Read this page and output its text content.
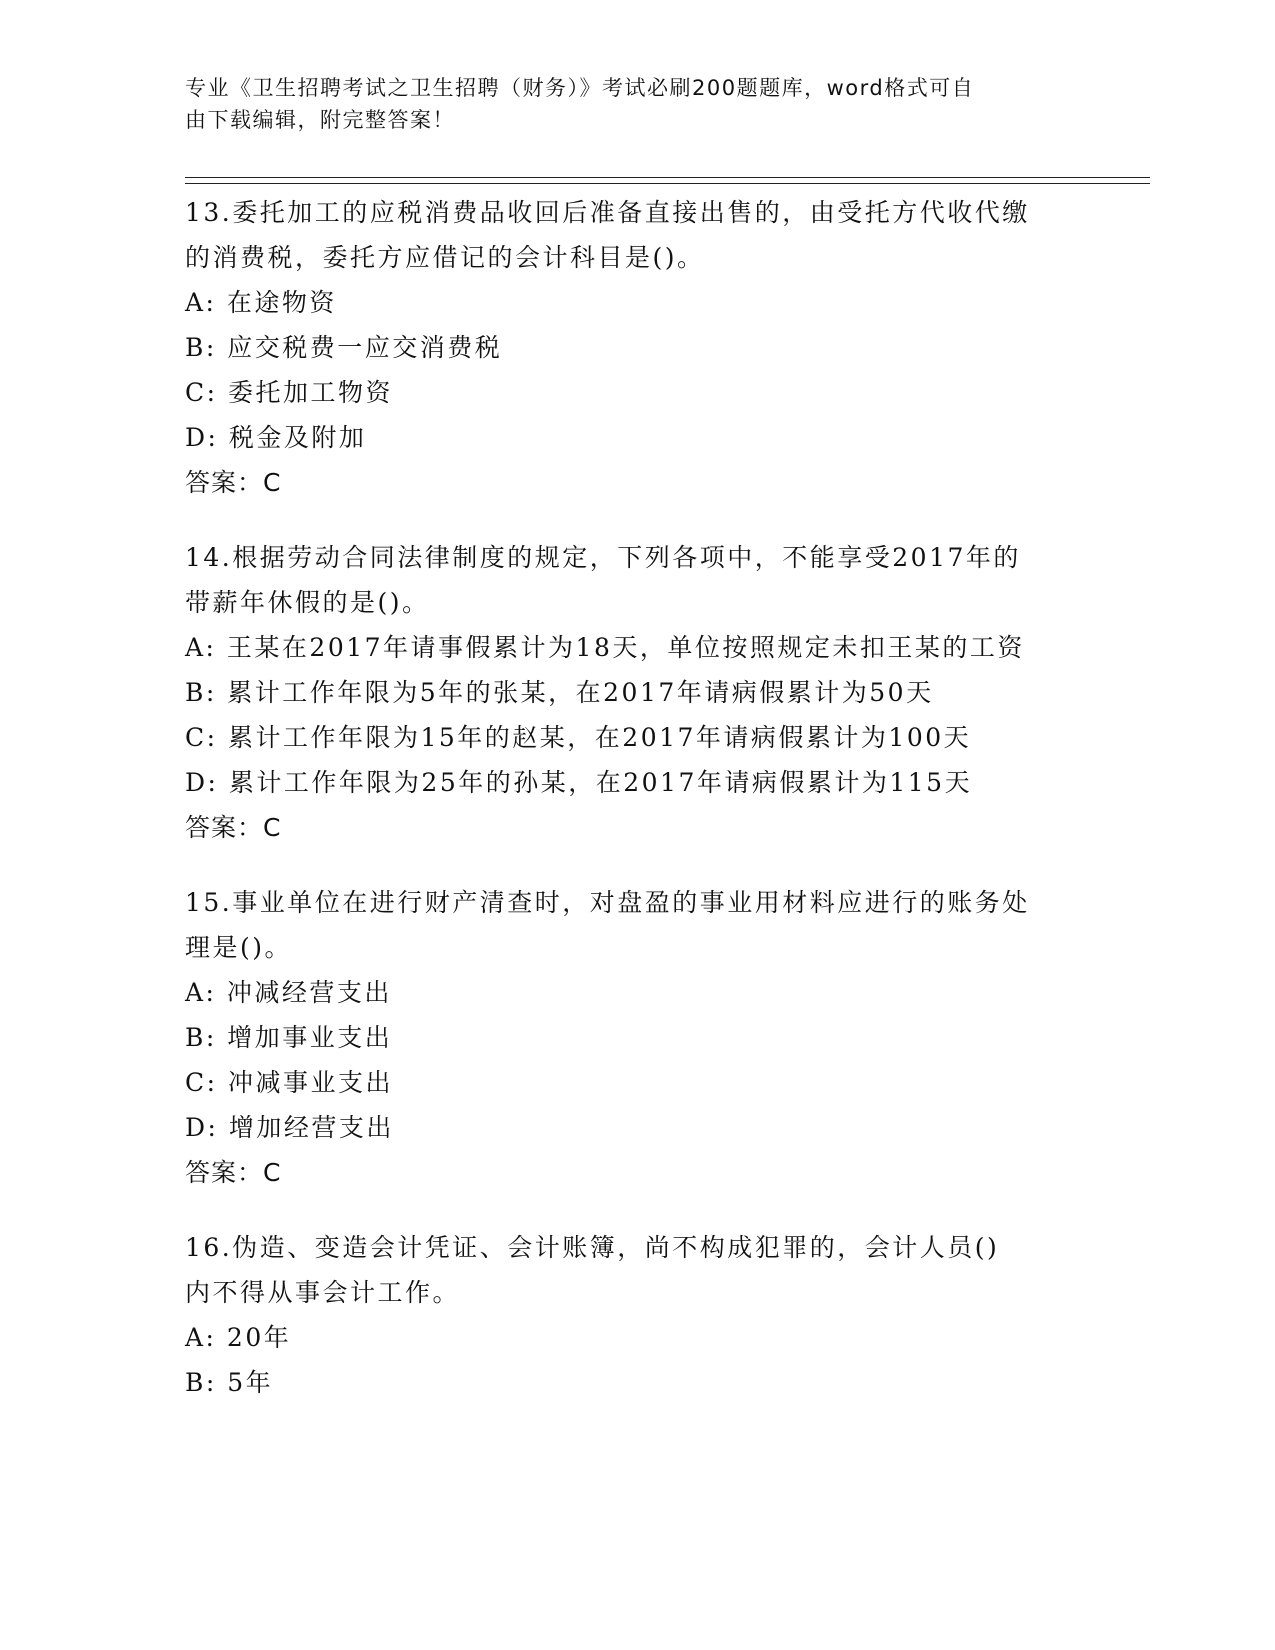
专业《卫生招聘考试之卫生招聘（财务）》考试必刷200题题库，word格式可自
由下载编辑，附完整答案！
13.委托加工的应税消费品收回后准备直接出售的，由受托方代收代缴
的消费税，委托方应借记的会计科目是()。
A: 在途物资
B: 应交税费一应交消费税
C: 委托加工物资
D: 税金及附加
答案：C
14.根据劳动合同法律制度的规定，下列各项中，不能享受2017年的
带薪年休假的是()。
A: 王某在2017年请事假累计为18天，单位按照规定未扣王某的工资
B: 累计工作年限为5年的张某，在2017年请病假累计为50天
C: 累计工作年限为15年的赵某，在2017年请病假累计为100天
D: 累计工作年限为25年的孙某，在2017年请病假累计为115天
答案：C
15.事业单位在进行财产清查时，对盘盈的事业用材料应进行的账务处
理是()。
A: 冲减经营支出
B: 增加事业支出
C: 冲减事业支出
D: 增加经营支出
答案：C
16.伪造、变造会计凭证、会计账簿，尚不构成犯罪的，会计人员()
内不得从事会计工作。
A: 20年
B: 5年
